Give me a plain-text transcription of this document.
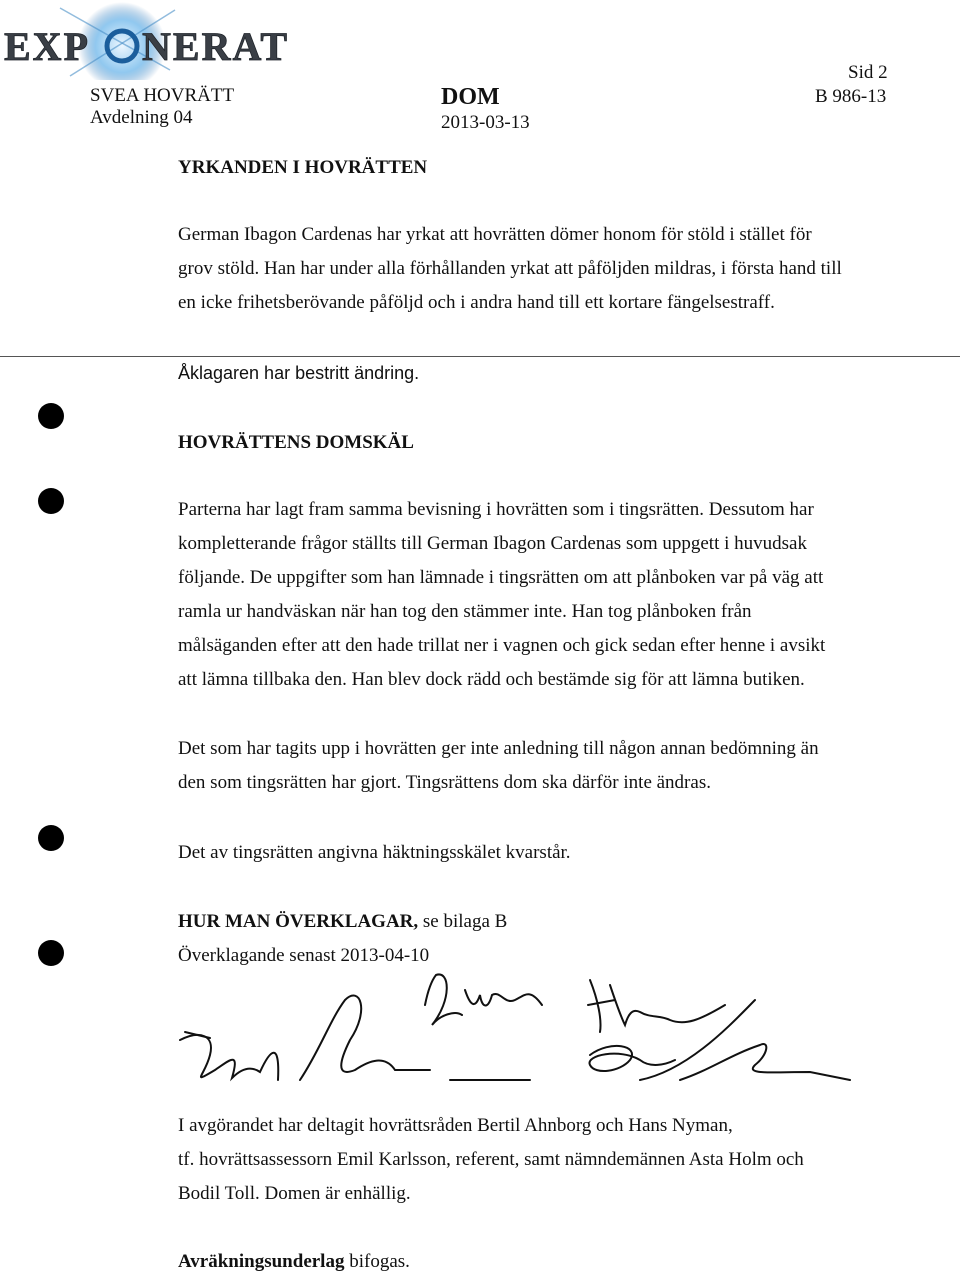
EXP NERAT
SVEA HOVRÄTT
Avdelning 04
DOM
2013-03-13
Sid 2
B 986-13
YRKANDEN I HOVRÄTTEN
German Ibagon Cardenas har yrkat att hovrätten dömer honom för stöld i stället för
grov stöld. Han har under alla förhållanden yrkat att påföljden mildras, i första hand till
en icke frihetsberövande påföljd och i andra hand till ett kortare fängelsestraff.
Åklagaren har bestritt ändring.
HOVRÄTTENS DOMSKÄL
Parterna har lagt fram samma bevisning i hovrätten som i tingsrätten. Dessutom har
kompletterande frågor ställts till German Ibagon Cardenas som uppgett i huvudsak
följande. De uppgifter som han lämnade i tingsrätten om att plånboken var på väg att
ramla ur handväskan när han tog den stämmer inte. Han tog plånboken från
målsäganden efter att den hade trillat ner i vagnen och gick sedan efter henne i avsikt
att lämna tillbaka den. Han blev dock rädd och bestämde sig för att lämna butiken.
Det som har tagits upp i hovrätten ger inte anledning till någon annan bedömning än
den som tingsrätten har gjort. Tingsrättens dom ska därför inte ändras.
Det av tingsrätten angivna häktningsskälet kvarstår.
HUR MAN ÖVERKLAGAR, se bilaga B
Överklagande senast 2013-04-10
I avgörandet har deltagit hovrättsråden Bertil Ahnborg och Hans Nyman,
tf. hovrättsassessorn Emil Karlsson, referent, samt nämndemännen Asta Holm och
Bodil Toll. Domen är enhällig.
Avräkningsunderlag bifogas.
